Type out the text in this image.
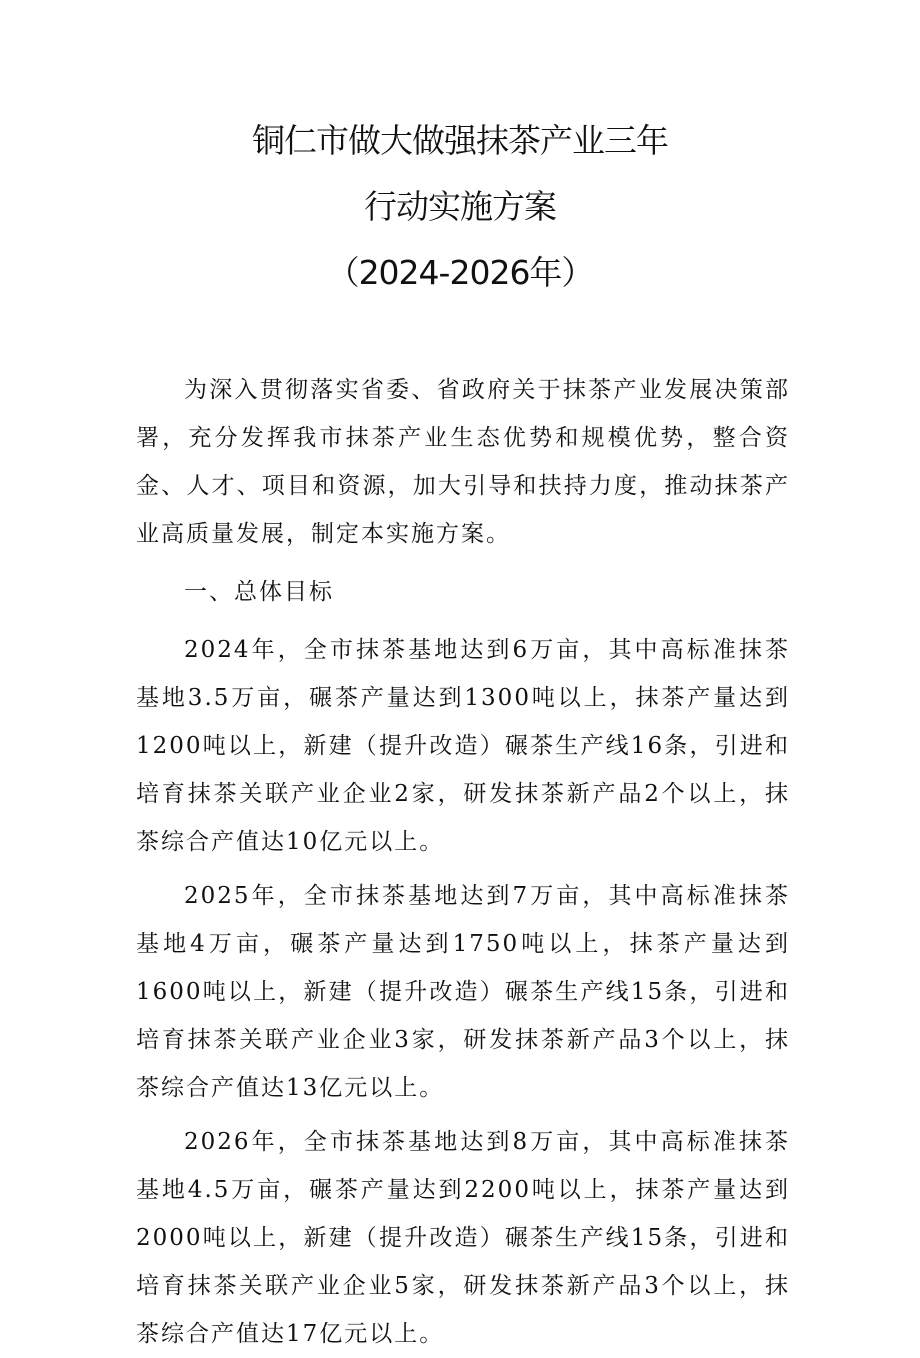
铜仁市做大做强抹茶产业三年
行动实施方案
（2024-2026年）

为深入贯彻落实省委、省政府关于抹茶产业发展决策部署，充分发挥我市抹茶产业生态优势和规模优势，整合资金、人才、项目和资源，加大引导和扶持力度，推动抹茶产业高质量发展，制定本实施方案。

一、总体目标

2024年，全市抹茶基地达到6万亩，其中高标准抹茶基地3.5万亩，碾茶产量达到1300吨以上，抹茶产量达到1200吨以上，新建（提升改造）碾茶生产线16条，引进和培育抹茶关联产业企业2家，研发抹茶新产品2个以上，抹茶综合产值达10亿元以上。

2025年，全市抹茶基地达到7万亩，其中高标准抹茶基地4万亩，碾茶产量达到1750吨以上，抹茶产量达到1600吨以上，新建（提升改造）碾茶生产线15条，引进和培育抹茶关联产业企业3家，研发抹茶新产品3个以上，抹茶综合产值达13亿元以上。

2026年，全市抹茶基地达到8万亩，其中高标准抹茶基地4.5万亩，碾茶产量达到2200吨以上，抹茶产量达到2000吨以上，新建（提升改造）碾茶生产线15条，引进和培育抹茶关联产业企业5家，研发抹茶新产品3个以上，抹茶综合产值达17亿元以上。
